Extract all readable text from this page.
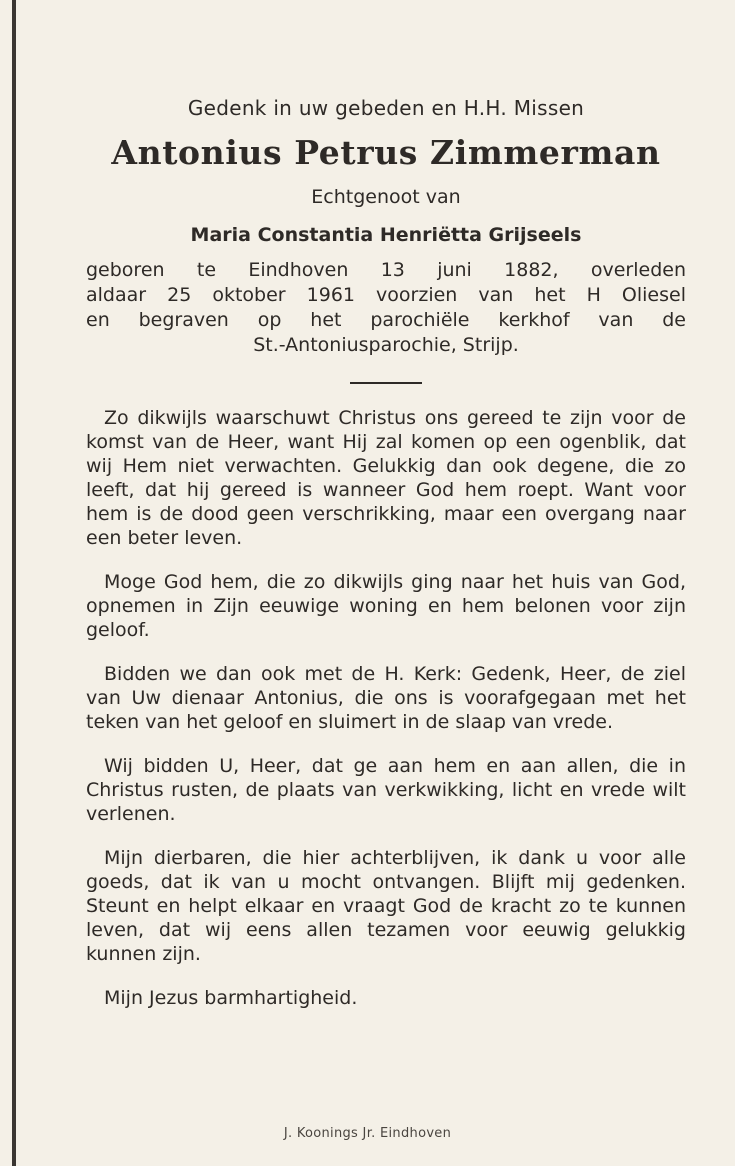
Gedenk in uw gebeden en H.H. Missen

Antonius Petrus Zimmerman

Echtgenoot van

Maria Constantia Henriëtta Grijseels

geboren te Eindhoven 13 juni 1882, overleden
aldaar 25 oktober 1961 voorzien van het H Oliesel
en begraven op het parochiële kerkhof van de
St.-Antoniusparochie, Strijp.

Zo dikwijls waarschuwt Christus ons gereed te zijn voor de komst van de Heer, want Hij zal komen op een ogenblik, dat wij Hem niet verwachten. Gelukkig dan ook degene, die zo leeft, dat hij gereed is wanneer God hem roept. Want voor hem is de dood geen verschrikking, maar een overgang naar een beter leven.

Moge God hem, die zo dikwijls ging naar het huis van God, opnemen in Zijn eeuwige woning en hem belonen voor zijn geloof.

Bidden we dan ook met de H. Kerk: Gedenk, Heer, de ziel van Uw dienaar Antonius, die ons is voorafgegaan met het teken van het geloof en sluimert in de slaap van vrede.

Wij bidden U, Heer, dat ge aan hem en aan allen, die in Christus rusten, de plaats van verkwikking, licht en vrede wilt verlenen.

Mijn dierbaren, die hier achterblijven, ik dank u voor alle goeds, dat ik van u mocht ontvangen. Blijft mij gedenken. Steunt en helpt elkaar en vraagt God de kracht zo te kunnen leven, dat wij eens allen tezamen voor eeuwig gelukkig kunnen zijn.

Mijn Jezus barmhartigheid.

J. Koonings Jr. Eindhoven
